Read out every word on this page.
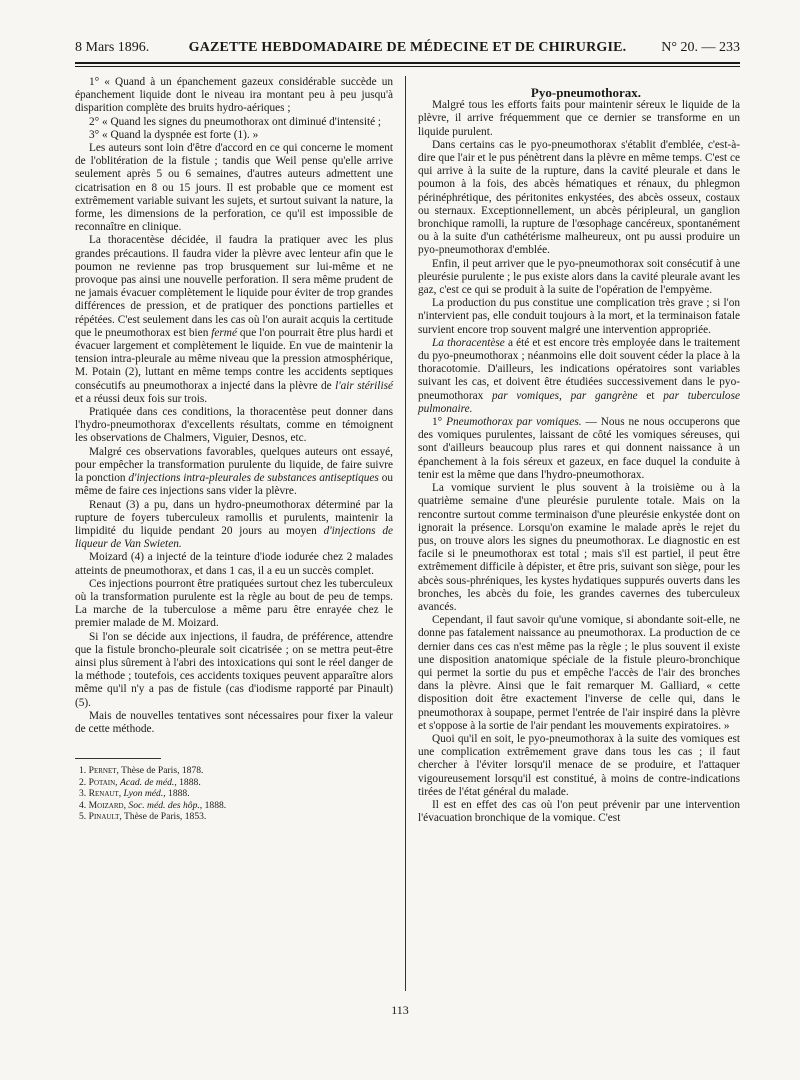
8 Mars 1896.	GAZETTE HEBDOMADAIRE DE MÉDECINE ET DE CHIRURGIE.	N° 20. — 233

1° « Quand à un épanchement gazeux considérable succède un épanchement liquide dont le niveau ira montant peu à peu jusqu'à disparition complète des bruits hydro-aériques ;

2° « Quand les signes du pneumothorax ont diminué d'intensité ;

3° « Quand la dyspnée est forte (1). »

Les auteurs sont loin d'être d'accord en ce qui concerne le moment de l'oblitération de la fistule ; tandis que Weil pense qu'elle arrive seulement après 5 ou 6 semaines, d'autres auteurs admettent une cicatrisation en 8 ou 15 jours. Il est probable que ce moment est extrêmement variable suivant les sujets, et surtout suivant la nature, la forme, les dimensions de la perforation, ce qu'il est impossible de reconnaître en clinique.

La thoracentèse décidée, il faudra la pratiquer avec les plus grandes précautions. Il faudra vider la plèvre avec lenteur afin que le poumon ne revienne pas trop brusquement sur lui-même et ne provoque pas ainsi une nouvelle perforation. Il sera même prudent de ne jamais évacuer complètement le liquide pour éviter de trop grandes différences de pression, et de pratiquer des ponctions partielles et répétées. C'est seulement dans les cas où l'on aurait acquis la certitude que le pneumothorax est bien fermé que l'on pourrait être plus hardi et évacuer largement et complètement le liquide. En vue de maintenir la tension intra-pleurale au même niveau que la pression atmosphérique, M. Potain (2), luttant en même temps contre les accidents septiques consécutifs au pneumothorax a injecté dans la plèvre de l'air stérilisé et a réussi deux fois sur trois.

Pratiquée dans ces conditions, la thoracentèse peut donner dans l'hydro-pneumothorax d'excellents résultats, comme en témoignent les observations de Chalmers, Viguier, Desnos, etc.

Malgré ces observations favorables, quelques auteurs ont essayé, pour empêcher la transformation purulente du liquide, de faire suivre la ponction d'injections intra-pleurales de substances antiseptiques ou même de faire ces injections sans vider la plèvre.

Renaut (3) a pu, dans un hydro-pneumothorax déterminé par la rupture de foyers tuberculeux ramollis et purulents, maintenir la limpidité du liquide pendant 20 jours au moyen d'injections de liqueur de Van Swieten.

Moizard (4) a injecté de la teinture d'iode iodurée chez 2 malades atteints de pneumothorax, et dans 1 cas, il a eu un succès complet.

Ces injections pourront être pratiquées surtout chez les tuberculeux où la transformation purulente est la règle au bout de peu de temps. La marche de la tuberculose a même paru être enrayée chez le premier malade de M. Moizard.

Si l'on se décide aux injections, il faudra, de préférence, attendre que la fistule broncho-pleurale soit cicatrisée ; on se mettra peut-être ainsi plus sûrement à l'abri des intoxications qui sont le réel danger de la méthode ; toutefois, ces accidents toxiques peuvent apparaître alors même qu'il n'y a pas de fistule (cas d'iodisme rapporté par Pinault) (5).

Mais de nouvelles tentatives sont nécessaires pour fixer la valeur de cette méthode.

1. Pernet, Thèse de Paris, 1878.
2. Potain, Acad. de méd., 1888.
3. Renaut, Lyon méd., 1888.
4. Moizard, Soc. méd. des hôp., 1888.
5. Pinault, Thèse de Paris, 1853.

Pyo-pneumothorax.

Malgré tous les efforts faits pour maintenir séreux le liquide de la plèvre, il arrive fréquemment que ce dernier se transforme en un liquide purulent.

Dans certains cas le pyo-pneumothorax s'établit d'emblée, c'est-à-dire que l'air et le pus pénètrent dans la plèvre en même temps. C'est ce qui arrive à la suite de la rupture, dans la cavité pleurale et dans le poumon à la fois, des abcès hématiques et rénaux, du phlegmon périnéphrétique, des péritonites enkystées, des abcès osseux, costaux ou sternaux. Exceptionnellement, un abcès péripleural, un ganglion bronchique ramolli, la rupture de l'œsophage cancéreux, spontanément ou à la suite d'un cathétérisme malheureux, ont pu aussi produire un pyo-pneumothorax d'emblée.

Enfin, il peut arriver que le pyo-pneumothorax soit consécutif à une pleurésie purulente ; le pus existe alors dans la cavité pleurale avant les gaz, c'est ce qui se produit à la suite de l'opération de l'empyème.

La production du pus constitue une complication très grave ; si l'on n'intervient pas, elle conduit toujours à la mort, et la terminaison fatale survient encore trop souvent malgré une intervention appropriée.

La thoracentèse a été et est encore très employée dans le traitement du pyo-pneumothorax ; néanmoins elle doit souvent céder la place à la thoracotomie. D'ailleurs, les indications opératoires sont variables suivant les cas, et doivent être étudiées successivement dans le pyo-pneumothorax par vomiques, par gangrène et par tuberculose pulmonaire.

1° Pneumothorax par vomiques. — Nous ne nous occuperons que des vomiques purulentes, laissant de côté les vomiques séreuses, qui sont d'ailleurs beaucoup plus rares et qui donnent naissance à un épanchement à la fois séreux et gazeux, en face duquel la conduite à tenir est la même que dans l'hydro-pneumothorax.

La vomique survient le plus souvent à la troisième ou à la quatrième semaine d'une pleurésie purulente totale. Mais on la rencontre surtout comme terminaison d'une pleurésie enkystée dont on ignorait la présence. Lorsqu'on examine le malade après le rejet du pus, on trouve alors les signes du pneumothorax. Le diagnostic en est facile si le pneumothorax est total ; mais s'il est partiel, il peut être extrêmement difficile à dépister, et être pris, suivant son siège, pour les abcès sous-phréniques, les kystes hydatiques suppurés ouverts dans les bronches, les abcès du foie, les grandes cavernes des tuberculeux avancés.

Cependant, il faut savoir qu'une vomique, si abondante soit-elle, ne donne pas fatalement naissance au pneumothorax. La production de ce dernier dans ces cas n'est même pas la règle ; le plus souvent il existe une disposition anatomique spéciale de la fistule pleuro-bronchique qui permet la sortie du pus et empêche l'accès de l'air des bronches dans la plèvre. Ainsi que le fait remarquer M. Galliard, « cette disposition doit être exactement l'inverse de celle qui, dans le pneumothorax à soupape, permet l'entrée de l'air inspiré dans la plèvre et s'oppose à la sortie de l'air pendant les mouvements expiratoires. »

Quoi qu'il en soit, le pyo-pneumothorax à la suite des vomiques est une complication extrêmement grave dans tous les cas ; il faut chercher à l'éviter lorsqu'il menace de se produire, et l'attaquer vigoureusement lorsqu'il est constitué, à moins de contre-indications tirées de l'état général du malade.

Il est en effet des cas où l'on peut prévenir par une intervention l'évacuation bronchique de la vomique. C'est

113
